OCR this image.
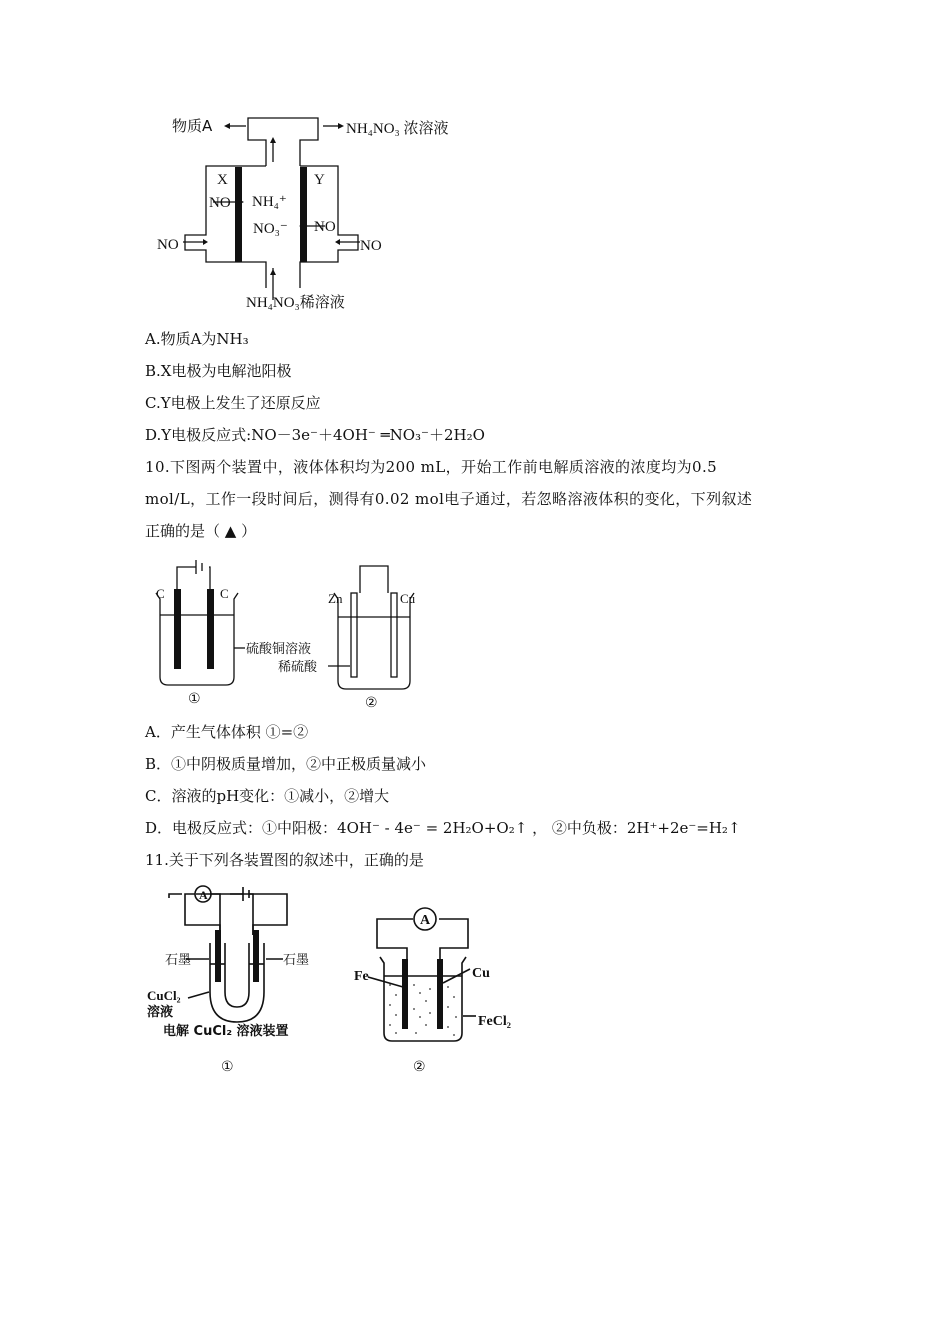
物质A	NH₄NO₃ 浓溶液
X	Y
NO NH₄⁺
NO₃⁻ NO
NO	NO
NH₄NO₃稀溶液
A.物质A为NH₃
B.X电极为电解池阳极
C.Y电极上发生了还原反应
D.Y电极反应式:NO－3e⁻＋4OH⁻ ═NO₃⁻＋2H₂O
10.下图两个装置中，液体体积均为200 mL，开始工作前电解质溶液的浓度均为0.5
mol/L，工作一段时间后，测得有0.02 mol电子通过，若忽略溶液体积的变化，下列叙述
正确的是（ ▲ ）
C	C
硫酸铜溶液
Zn	Cu
稀硫酸
①	②
A．产生气体体积 ①=②
B．①中阴极质量增加，②中正极质量减小
C．溶液的pH变化：①减小，②增大
D．电极反应式：①中阳极：4OH⁻ - 4e⁻ = 2H₂O+O₂↑ ， ②中负极：2H⁺+2e⁻=H₂↑
11.关于下列各装置图的叙述中，正确的是
A
石墨	石墨
CuCl₂
溶液
电解 CuCl₂ 溶液装置
①
A
Fe	Cu
FeCl₂
②
